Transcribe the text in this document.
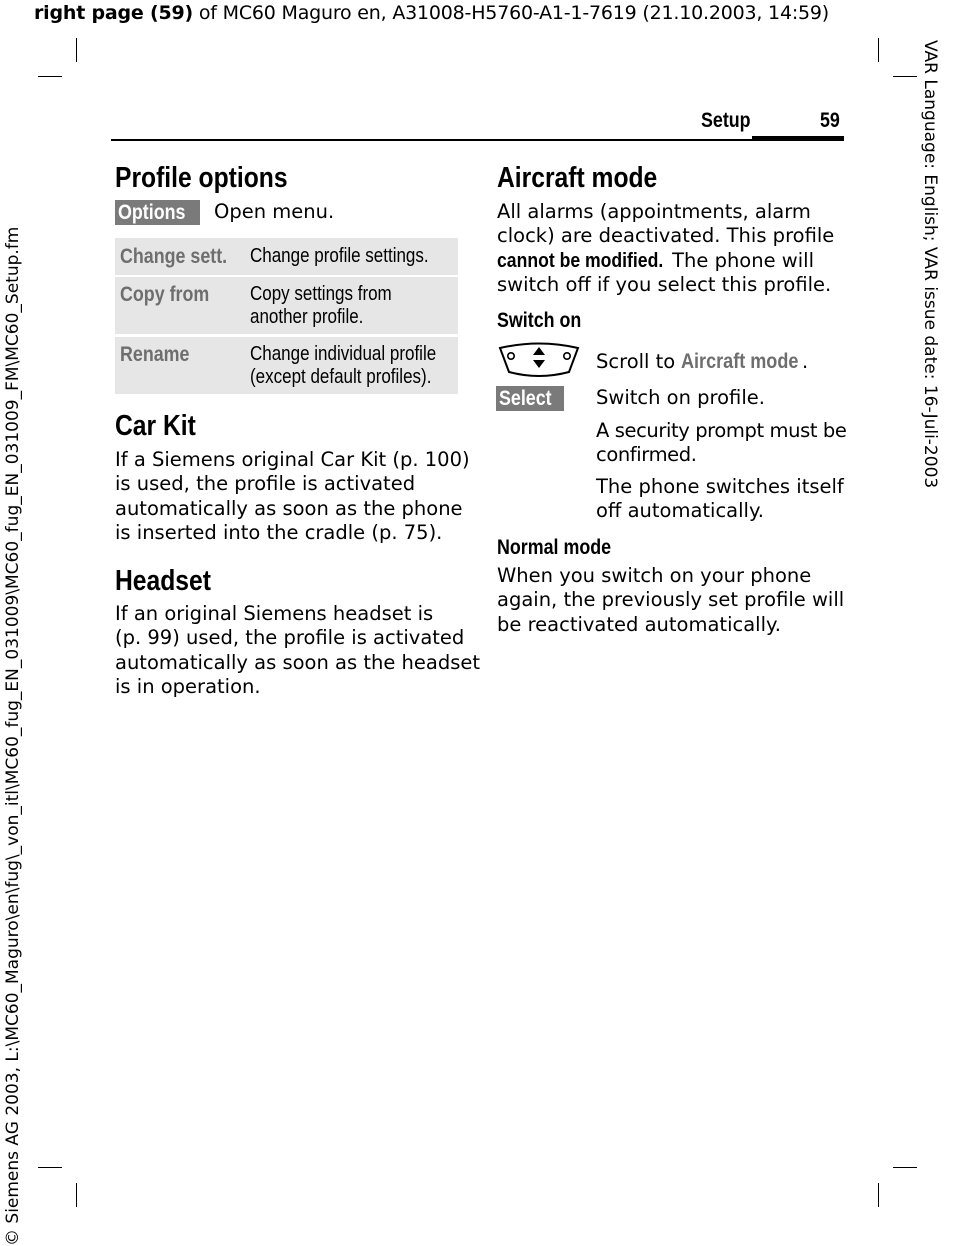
right page (59) of MC60 Maguro en, A31008-H5760-A1-1-7619 (21.10.2003, 14:59)
VAR Language: English; VAR issue date: 16-Juli-2003
© Siemens AG 2003, L:\MC60_Maguro\en\fug\_von_itl\MC60_fug_EN_031009\MC60_fug_EN_031009_FM\MC60_Setup.fm
Setup	59
Profile options
Options	Open menu.
Change sett.	Change profile settings.
Copy from	Copy settings from
another profile.
Rename	Change individual profile
(except default profiles).
Car Kit

If a Siemens original Car Kit (p. 100)

is used, the profile is activated

automatically as soon as the phone

is inserted into the cradle (p. 75).

Headset

If an original Siemens headset is

(p. 99) used, the profile is activated

automatically as soon as the headset

is in operation.

Aircraft mode

All alarms (appointments, alarm

clock) are deactivated. This profile

cannot be modified. The phone will

switch off if you select this profile.

Switch on
Scroll to Aircraft mode .
Select	Switch on profile.

A security prompt must be

confirmed.

The phone switches itself

off automatically.

Normal mode

When you switch on your phone

again, the previously set profile will

be reactivated automatically.
